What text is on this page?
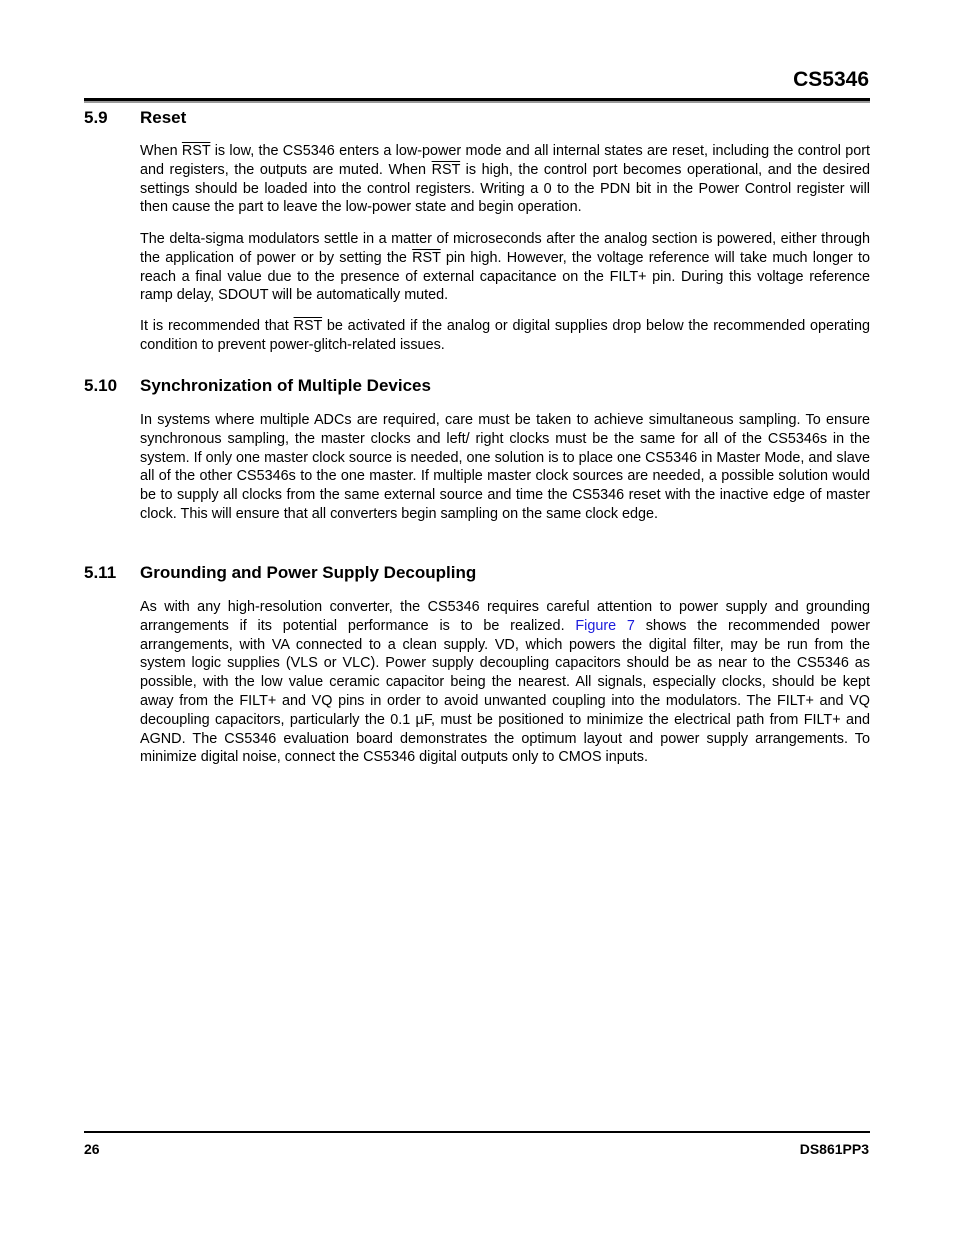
CS5346
5.9 Reset

When $\overline{RST}$ is low, the CS5346 enters a low-power mode and all internal states are reset, including the control port and registers, the outputs are muted. When $\overline{RST}$ is high, the control port becomes operational, and the desired settings should be loaded into the control registers. Writing a 0 to the PDN bit in the Power Control register will then cause the part to leave the low-power state and begin operation.

The delta-sigma modulators settle in a matter of microseconds after the analog section is powered, either through the application of power or by setting the $\overline{RST}$ pin high. However, the voltage reference will take much longer to reach a final value due to the presence of external capacitance on the FILT+ pin. During this voltage reference ramp delay, SDOUT will be automatically muted.

It is recommended that $\overline{RST}$ be activated if the analog or digital supplies drop below the recommended operating condition to prevent power-glitch-related issues.

5.10 Synchronization of Multiple Devices

In systems where multiple ADCs are required, care must be taken to achieve simultaneous sampling. To ensure synchronous sampling, the master clocks and left/ right clocks must be the same for all of the CS5346s in the system. If only one master clock source is needed, one solution is to place one CS5346 in Master Mode, and slave all of the other CS5346s to the one master. If multiple master clock sources are needed, a possible solution would be to supply all clocks from the same external source and time the CS5346 reset with the inactive edge of master clock. This will ensure that all converters begin sampling on the same clock edge.

5.11 Grounding and Power Supply Decoupling

As with any high-resolution converter, the CS5346 requires careful attention to power supply and grounding arrangements if its potential performance is to be realized. Figure 7 shows the recommended power arrangements, with VA connected to a clean supply. VD, which powers the digital filter, may be run from the system logic supplies (VLS or VLC). Power supply decoupling capacitors should be as near to the CS5346 as possible, with the low value ceramic capacitor being the nearest. All signals, especially clocks, should be kept away from the FILT+ and VQ pins in order to avoid unwanted coupling into the modulators. The FILT+ and VQ decoupling capacitors, particularly the 0.1 µF, must be positioned to minimize the electrical path from FILT+ and AGND. The CS5346 evaluation board demonstrates the optimum layout and power supply arrangements. To minimize digital noise, connect the CS5346 digital outputs only to CMOS inputs.

26	DS861PP3
